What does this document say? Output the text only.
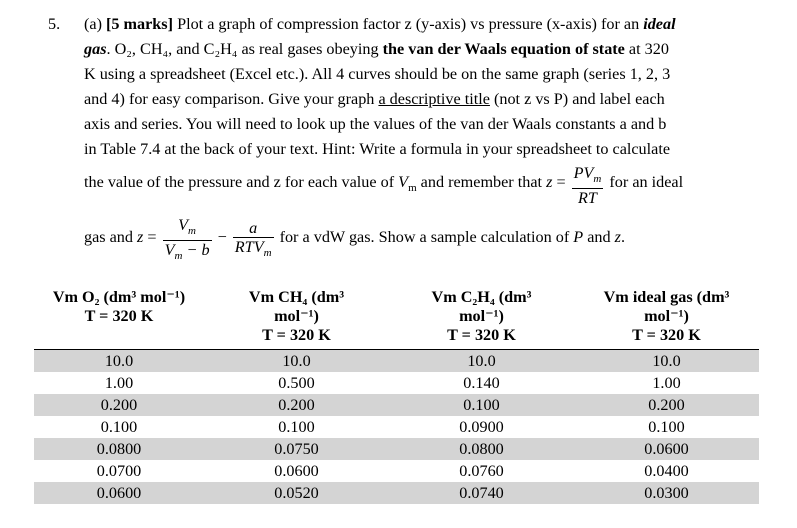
5. (a) [5 marks] Plot a graph of compression factor z (y-axis) vs pressure (x-axis) for an ideal
gas. O₂, CH₄, and C₂H₄ as real gases obeying the van der Waals equation of state at 320
K using a spreadsheet (Excel etc.). All 4 curves should be on the same graph (series 1, 2, 3
and 4) for easy comparison. Give your graph a descriptive title (not z vs P) and label each
axis and series. You will need to look up the values of the van der Waals constants a and b
in Table 7.4 at the back of your text. Hint: Write a formula in your spreadsheet to calculate
the value of the pressure and z for each value of $V_m$ and remember that $z = \frac{PV_m}{RT}$ for an ideal
gas and $z = \frac{V_m}{V_m - b} - \frac{a}{RTV_m}$ for a vdW gas. Show a sample calculation of P and z.
Vm O₂ (dm³ mol⁻¹)
T = 320 K	Vm CH₄ (dm³
mol⁻¹)
T = 320 K	Vm C₂H₄ (dm³
mol⁻¹)
T = 320 K	Vm ideal gas (dm³
mol⁻¹)
T = 320 K
10.0	10.0	10.0	10.0
1.00	0.500	0.140	1.00
0.200	0.200	0.100	0.200
0.100	0.100	0.0900	0.100
0.0800	0.0750	0.0800	0.0600
0.0700	0.0600	0.0760	0.0400
0.0600	0.0520	0.0740	0.0300
